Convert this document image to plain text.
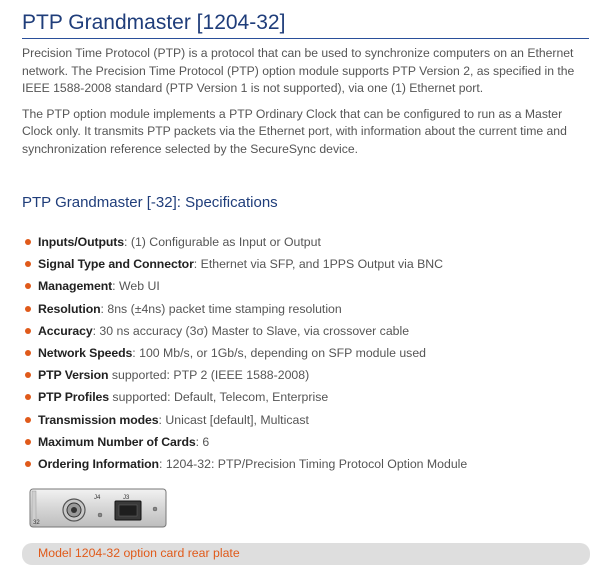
PTP Grandmaster [1204-32]

Precision Time Protocol (PTP) is a protocol that can be used to synchronize computers on an Ethernet network. The Precision Time Protocol (PTP) option module supports PTP Version 2, as specified in the IEEE 1588-2008 standard (PTP Version 1 is not supported), via one (1) Ethernet port.

The PTP option module implements a PTP Ordinary Clock that can be configured to run as a Master Clock only. It transmits PTP packets via the Ethernet port, with information about the current time and synchronization reference selected by the SecureSync device.

PTP Grandmaster [-32]: Specifications
Inputs/Outputs: (1) Configurable as Input or Output
Signal Type and Connector: Ethernet via SFP, and 1PPS Output via BNC
Management: Web UI
Resolution: 8ns (±4ns) packet time stamping resolution
Accuracy: 30 ns accuracy (3σ) Master to Slave, via crossover cable
Network Speeds: 100 Mb/s, or 1Gb/s, depending on SFP module used
PTP Version supported: PTP 2 (IEEE 1588-2008)
PTP Profiles supported: Default, Telecom, Enterprise
Transmission modes: Unicast [default], Multicast
Maximum Number of Cards: 6
Ordering Information: 1204-32: PTP/Precision Timing Protocol Option Module
J4	J3
32
Model 1204-32 option card rear plate
